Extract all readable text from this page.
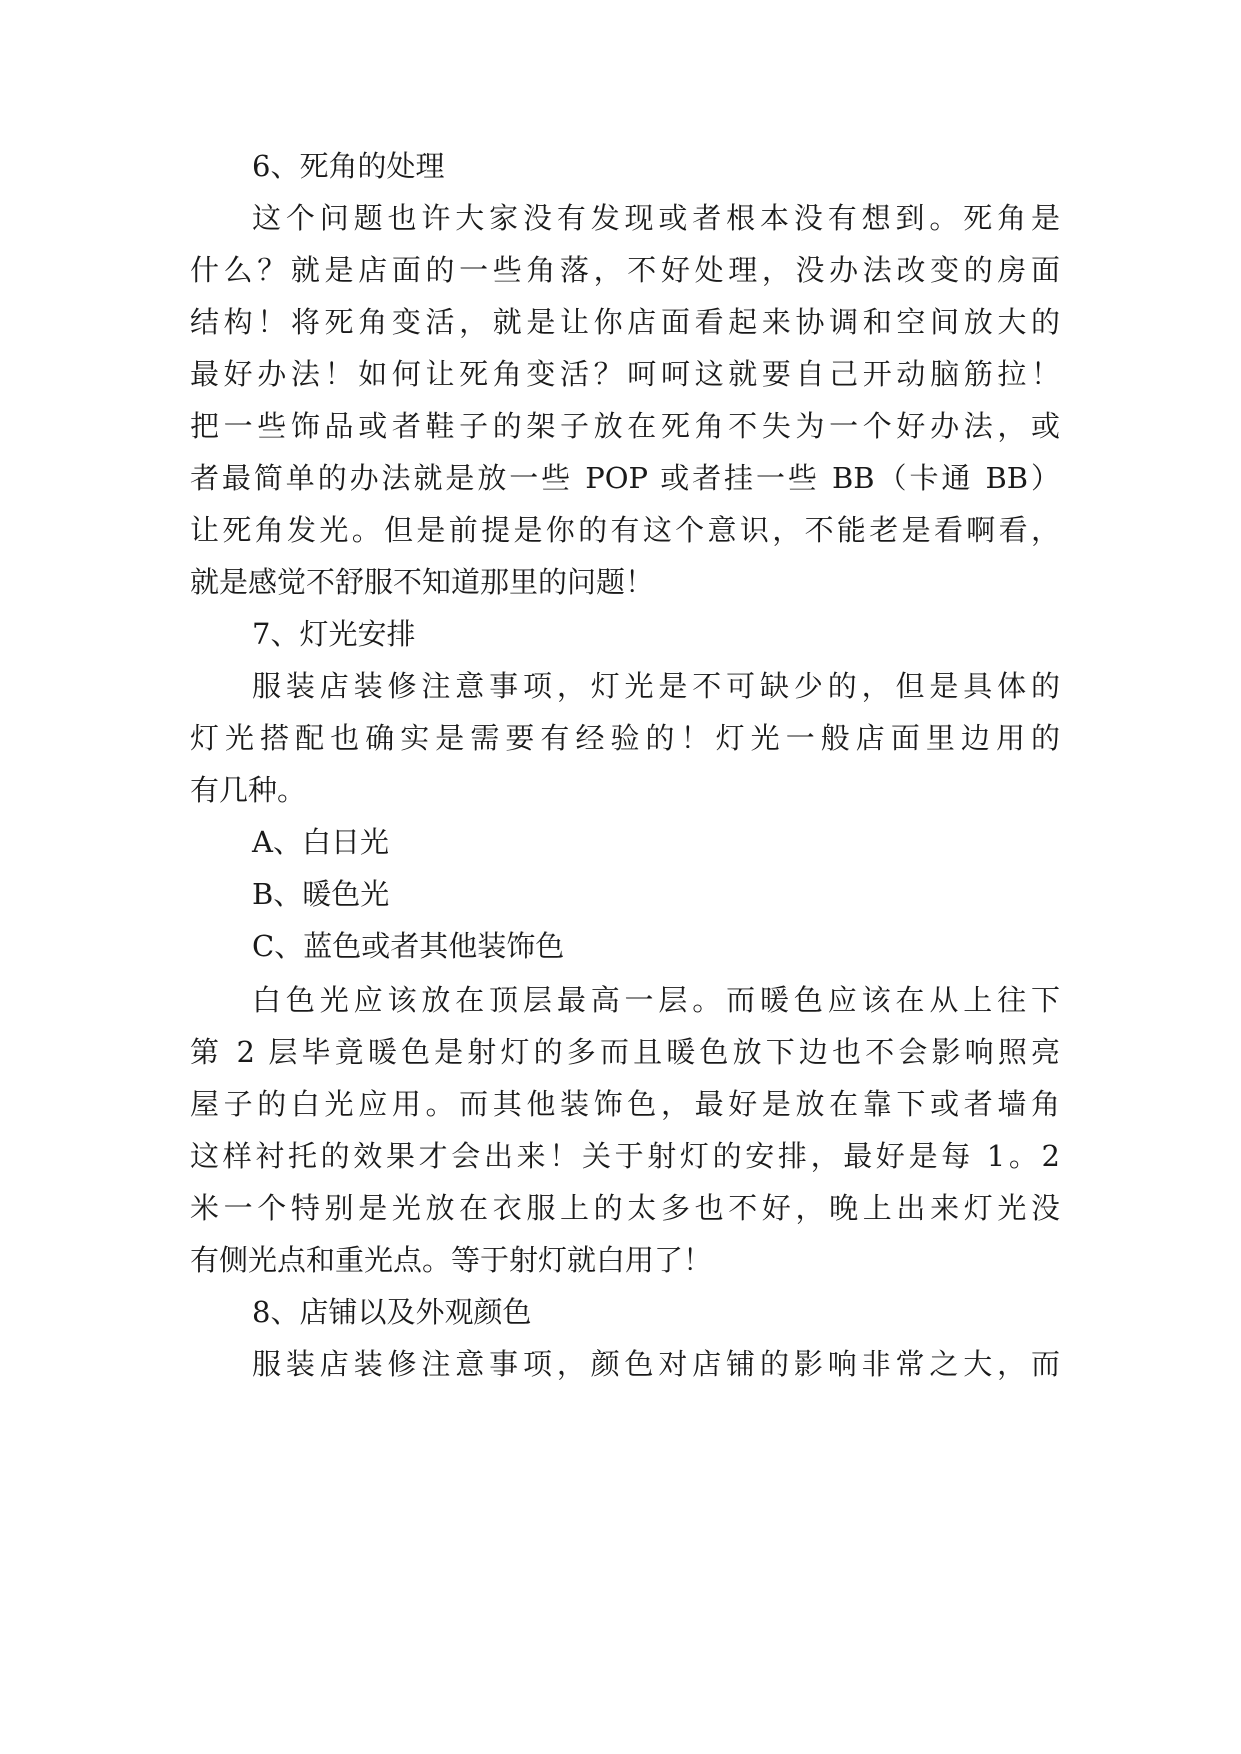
6、死角的处理
这个问题也许大家没有发现或者根本没有想到。死角是
什么？就是店面的一些角落，不好处理，没办法改变的房面
结构！将死角变活，就是让你店面看起来协调和空间放大的
最好办法！如何让死角变活？呵呵这就要自己开动脑筋拉！
把一些饰品或者鞋子的架子放在死角不失为一个好办法，或
者最简单的办法就是放一些 POP 或者挂一些 BB（卡通 BB）
让死角发光。但是前提是你的有这个意识，不能老是看啊看，
就是感觉不舒服不知道那里的问题！
7、灯光安排
服装店装修注意事项，灯光是不可缺少的，但是具体的
灯光搭配也确实是需要有经验的！灯光一般店面里边用的
有几种。
A、白日光
B、暖色光
C、蓝色或者其他装饰色
白色光应该放在顶层最高一层。而暖色应该在从上往下
第 2 层毕竟暖色是射灯的多而且暖色放下边也不会影响照亮
屋子的白光应用。而其他装饰色，最好是放在靠下或者墙角
这样衬托的效果才会出来！关于射灯的安排，最好是每 1。2
米一个特别是光放在衣服上的太多也不好，晚上出来灯光没
有侧光点和重光点。等于射灯就白用了！
8、店铺以及外观颜色
服装店装修注意事项，颜色对店铺的影响非常之大，而
